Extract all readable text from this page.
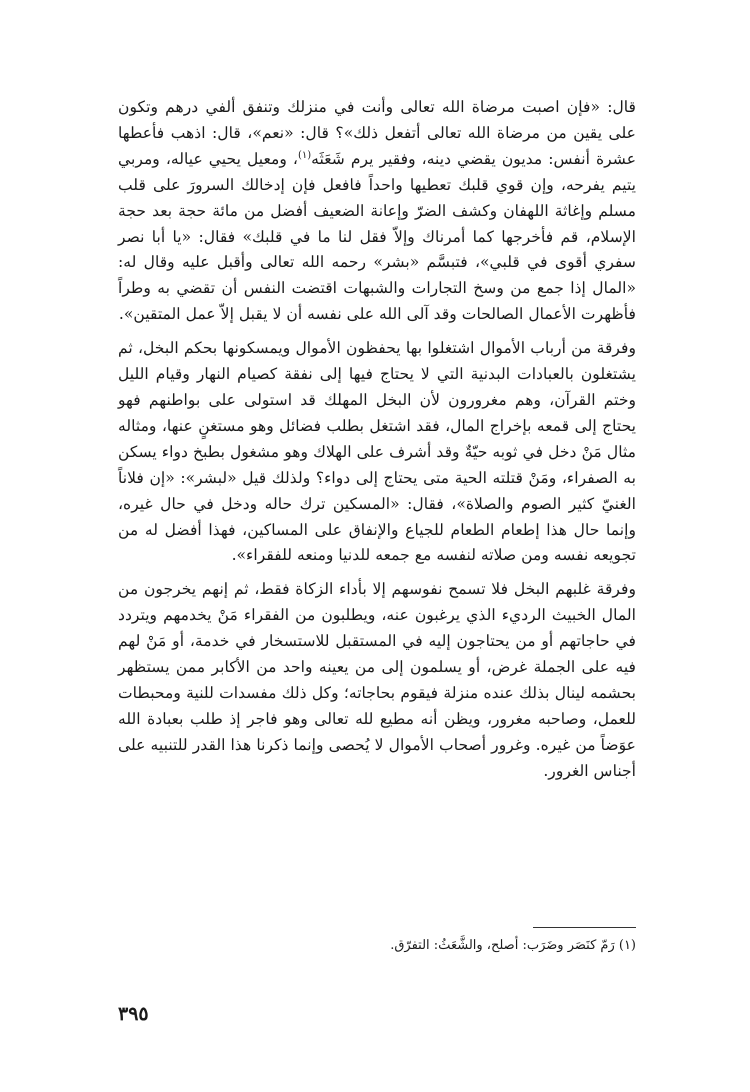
قال: «فإن اصبت مرضاة الله تعالى وأنت في منزلك وتنفق ألفي درهم وتكون على يقين من مرضاة الله تعالى أتفعل ذلك»؟ قال: «نعم»، قال: اذهب فأعطها عشرة أنفس: مديون يقضي دينه، وفقير يرم شَعَثَه$^{(١)}$، ومعيل يحيي عياله، ومربي يتيم يفرحه، وإن قوي قلبك تعطيها واحداً فافعل فإن إدخالك السرورَ على قلب مسلم وإغاثة اللهفان وكشف الضرّ وإعانة الضعيف أفضل من مائة حجة بعد حجة الإسلام، قم فأخرجها كما أمرناك وإلاّ فقل لنا ما في قلبك» فقال: «يا أبا نصر سفري أقوى في قلبي»، فتبسَّم «بشر» رحمه الله تعالى وأقبل عليه وقال له: «المال إذا جمع من وسخ التجارات والشبهات اقتضت النفس أن تقضي به وطراً فأظهرت الأعمال الصالحات وقد آلى الله على نفسه أن لا يقبل إلاّ عمل المتقين».

وفرقة من أرباب الأموال اشتغلوا بها يحفظون الأموال ويمسكونها بحكم البخل، ثم يشتغلون بالعبادات البدنية التي لا يحتاج فيها إلى نفقة كصيام النهار وقيام الليل وختم القرآن، وهم مغرورون لأن البخل المهلك قد استولى على بواطنهم فهو يحتاج إلى قمعه بإخراج المال، فقد اشتغل بطلب فضائل وهو مستغنٍ عنها، ومثاله مثال مَنْ دخل في ثوبه حيّةٌ وقد أشرف على الهلاك وهو مشغول بطبخ دواء يسكن به الصفراء، ومَنْ قتلته الحية متى يحتاج إلى دواء؟ ولذلك قيل «لبشر»: «إن فلاناً الغنيّ كثير الصوم والصلاة»، فقال: «المسكين ترك حاله ودخل في حال غيره، وإنما حال هذا إطعام الطعام للجياع والإنفاق على المساكين، فهذا أفضل له من تجويعه نفسه ومن صلاته لنفسه مع جمعه للدنيا ومنعه للفقراء».

وفرقة غلبهم البخل فلا تسمح نفوسهم إلا بأداء الزكاة فقط، ثم إنهم يخرجون من المال الخبيث الرديء الذي يرغبون عنه، ويطلبون من الفقراء مَنْ يخدمهم ويتردد في حاجاتهم أو من يحتاجون إليه في المستقبل للاستسخار في خدمة، أو مَنْ لهم فيه على الجملة غرض، أو يسلمون إلى من يعينه واحد من الأكابر ممن يستظهر بحشمه لينال بذلك عنده منزلة فيقوم بحاجاته؛ وكل ذلك مفسدات للنية ومحبطات للعمل، وصاحبه مغرور، ويظن أنه مطيع لله تعالى وهو فاجر إذ طلب بعبادة الله عوَضاً من غيره. وغرور أصحاب الأموال لا يُحصى وإنما ذكرنا هذا القدر للتنبيه على أجناس الغرور.

(١) رَمّ كنَصَر وضَرَب: أصلح، والشَّعَثُ: التفرّق.
٣٩٥
